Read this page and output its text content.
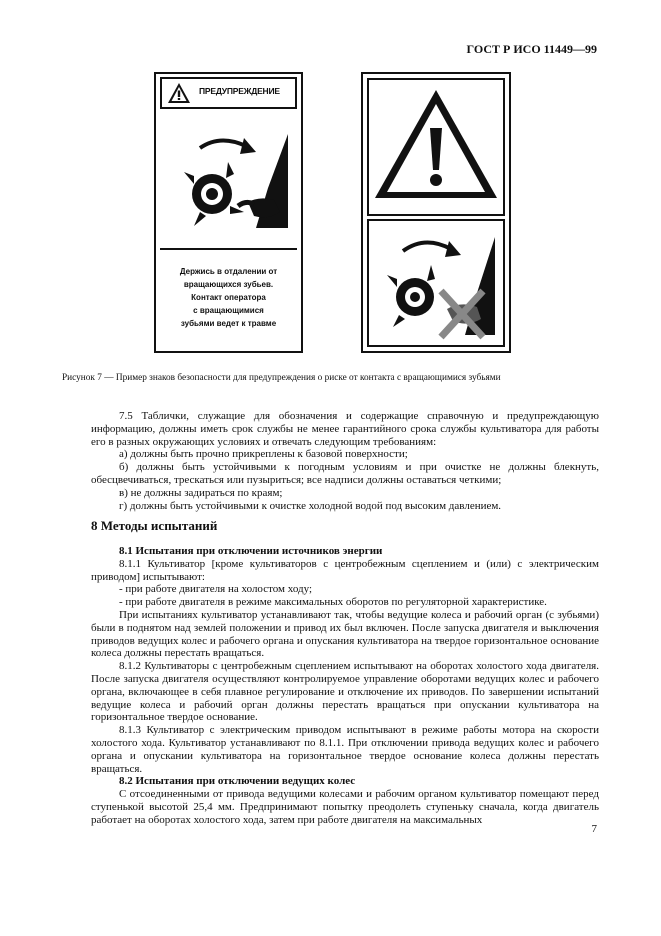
ГОСТ Р ИСО 11449—99
ПРЕДУПРЕЖДЕНИЕ
Держись в отдалении от
вращающихся зубьев.
Контакт оператора
с вращающимися
зубьями ведет к травме
Рисунок 7 — Пример знаков безопасности для предупреждения о риске от контакта с вращающимися зубьями

7.5 Таблички, служащие для обозначения и содержащие справочную и предупреждающую информацию, должны иметь срок службы не менее гарантийного срока службы культиватора для работы его в разных окружающих условиях и отвечать следующим требованиям:

а) должны быть прочно прикреплены к базовой поверхности;

б) должны быть устойчивыми к погодным условиям и при очистке не должны блекнуть, обесцвечиваться, трескаться или пузыриться; все надписи должны оставаться четкими;

в) не должны задираться по краям;

г) должны быть устойчивыми к очистке холодной водой под высоким давлением.

8 Методы испытаний

8.1 Испытания при отключении источников энергии

8.1.1 Культиватор [кроме культиваторов с центробежным сцеплением и (или) с электрическим приводом] испытывают:

- при работе двигателя на холостом ходу;

- при работе двигателя в режиме максимальных оборотов по регуляторной характеристике.

При испытаниях культиватор устанавливают так, чтобы ведущие колеса и рабочий орган (с зубьями) были в поднятом над землей положении и привод их был включен. После запуска двигателя и выключения приводов ведущих колес и рабочего органа и опускания культиватора на твердое горизонтальное основание колеса должны перестать вращаться.

8.1.2 Культиваторы с центробежным сцеплением испытывают на оборотах холостого хода двигателя. После запуска двигателя осуществляют контролируемое управление оборотами ведущих колес и рабочего органа, включающее в себя плавное регулирование и отключение их приводов. По завершении испытаний ведущие колеса и рабочий орган должны перестать вращаться при опускании культиватора на горизонтальное твердое основание.

8.1.3 Культиватор с электрическим приводом испытывают в режиме работы мотора на скорости холостого хода. Культиватор устанавливают по 8.1.1. При отключении привода ведущих колес и рабочего органа и опускании культиватора на горизонтальное твердое основание колеса должны перестать вращаться.

8.2 Испытания при отключении ведущих колес

С отсоединенными от привода ведущими колесами и рабочим органом культиватор помещают перед ступенькой высотой 25,4 мм. Предпринимают попытку преодолеть ступеньку сначала, когда двигатель работает на оборотах холостого хода, затем при работе двигателя на максимальных

7
